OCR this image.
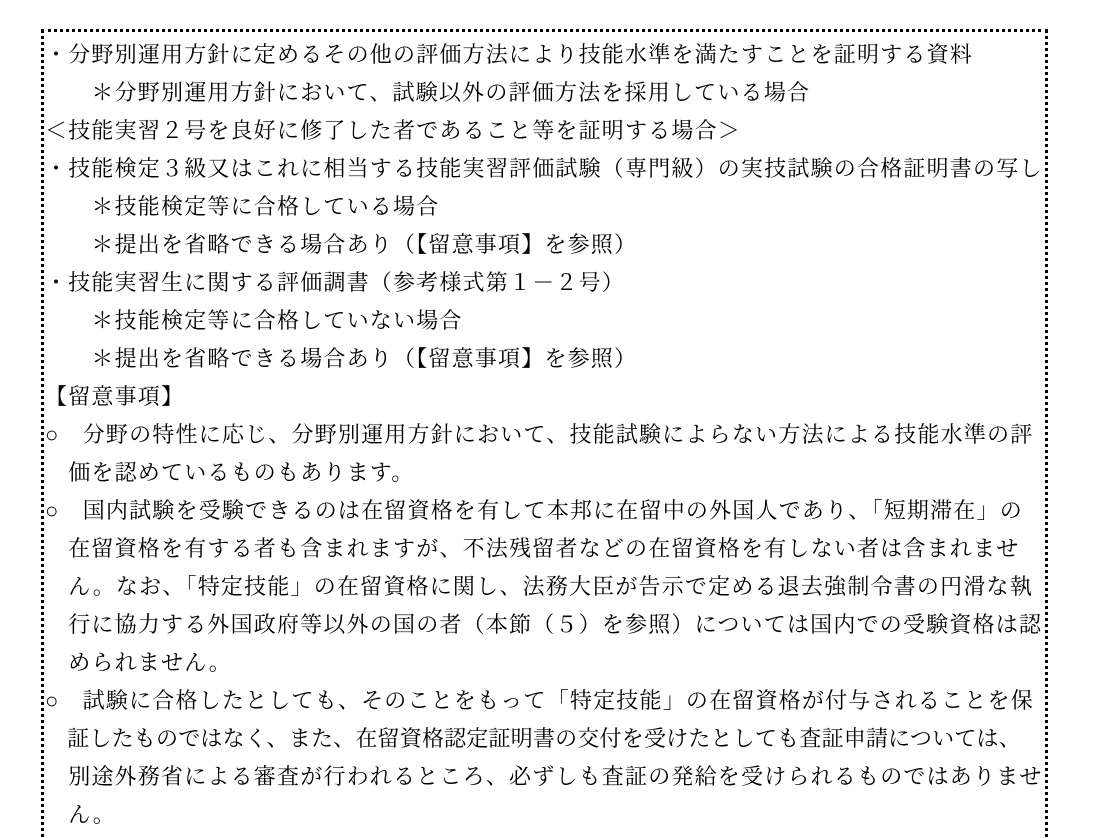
・分野別運用方針に定めるその他の評価方法により技能水準を満たすことを証明する資料
　　＊分野別運用方針において、試験以外の評価方法を採用している場合
＜技能実習２号を良好に修了した者であること等を証明する場合＞
・技能検定３級又はこれに相当する技能実習評価試験（専門級）の実技試験の合格証明書の写し
　　＊技能検定等に合格している場合
　　＊提出を省略できる場合あり（【留意事項】を参照）
・技能実習生に関する評価調書（参考様式第１－２号）
　　＊技能検定等に合格していない場合
　　＊提出を省略できる場合あり（【留意事項】を参照）
【留意事項】
○　分野の特性に応じ、分野別運用方針において、技能試験によらない方法による技能水準の評
　価を認めているものもあります。
○　国内試験を受験できるのは在留資格を有して本邦に在留中の外国人であり、「短期滞在」の
　在留資格を有する者も含まれますが、不法残留者などの在留資格を有しない者は含まれませ
　ん。なお、「特定技能」の在留資格に関し、法務大臣が告示で定める退去強制令書の円滑な執
　行に協力する外国政府等以外の国の者（本節（５）を参照）については国内での受験資格は認
　められません。
○　試験に合格したとしても、そのことをもって「特定技能」の在留資格が付与されることを保
　証したものではなく、また、在留資格認定証明書の交付を受けたとしても査証申請については、
　別途外務省による審査が行われるところ、必ずしも査証の発給を受けられるものではありませ
　ん。
